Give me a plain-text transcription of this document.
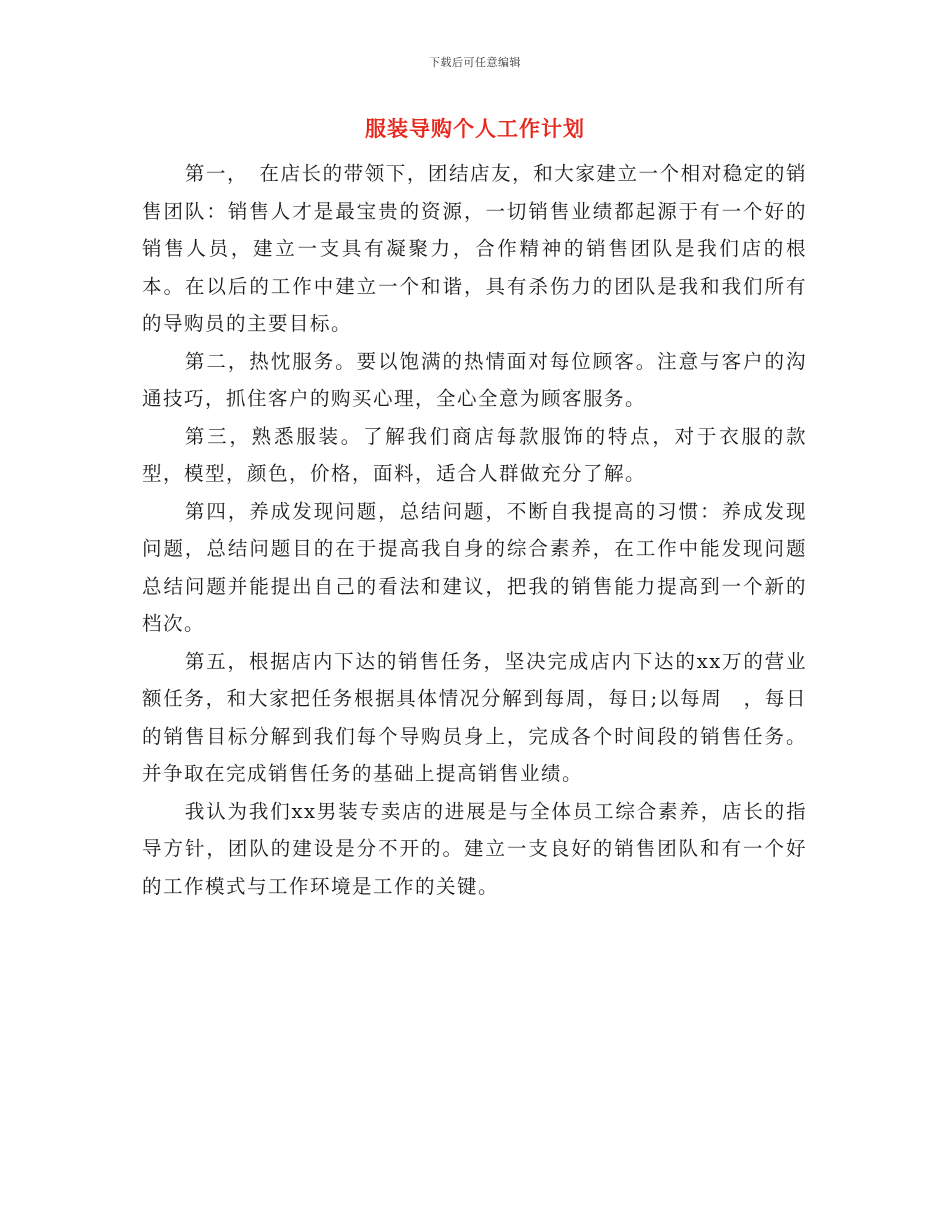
下载后可任意编辑
服装导购个人工作计划

第一，　在店长的带领下，团结店友，和大家建立一个相对稳定的销售团队：销售人才是最宝贵的资源，一切销售业绩都起源于有一个好的销售人员，建立一支具有凝聚力，合作精神的销售团队是我们店的根本。在以后的工作中建立一个和谐，具有杀伤力的团队是我和我们所有的导购员的主要目标。

第二，热忱服务。要以饱满的热情面对每位顾客。注意与客户的沟通技巧，抓住客户的购买心理，全心全意为顾客服务。

第三，熟悉服装。了解我们商店每款服饰的特点，对于衣服的款型，模型，颜色，价格，面料，适合人群做充分了解。

第四，养成发现问题，总结问题，不断自我提高的习惯：养成发现问题，总结问题目的在于提高我自身的综合素养，在工作中能发现问题总结问题并能提出自己的看法和建议，把我的销售能力提高到一个新的档次。

第五，根据店内下达的销售任务，坚决完成店内下达的xx万的营业额任务，和大家把任务根据具体情况分解到每周，每日;以每周　，每日的销售目标分解到我们每个导购员身上，完成各个时间段的销售任务。并争取在完成销售任务的基础上提高销售业绩。

我认为我们xx男装专卖店的进展是与全体员工综合素养，店长的指导方针，团队的建设是分不开的。建立一支良好的销售团队和有一个好的工作模式与工作环境是工作的关键。
